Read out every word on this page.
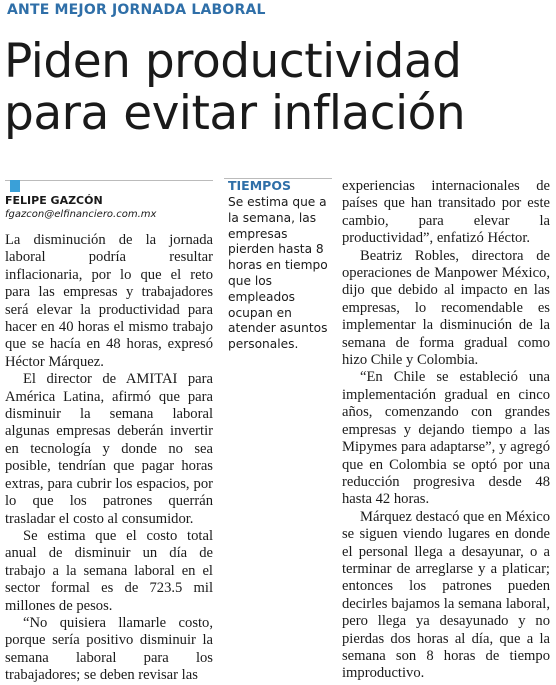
ANTE MEJOR JORNADA LABORAL
Piden productividad para evitar inflación
FELIPE GAZCÓN
fgazcon@elfinanciero.com.mx

La disminución de la jornada laboral podría resultar inflacionaria, por lo que el reto para las empresas y trabajadores será elevar la productividad para hacer en 40 horas el mismo trabajo que se hacía en 48 horas, expresó Héctor Márquez.

El director de AMITAI para América Latina, afirmó que para disminuir la semana laboral algunas empresas deberán invertir en tecnología y donde no sea posible, tendrían que pagar horas extras, para cubrir los espacios, por lo que los patrones querrán trasladar el costo al consumidor.

Se estima que el costo total anual de disminuir un día de trabajo a la semana laboral en el sector formal es de 723.5 mil millones de pesos.

“No quisiera llamarle costo, porque sería positivo disminuir la semana laboral para los trabajadores; se deben revisar las

TIEMPOS
Se estima que a la semana, las empresas pierden hasta 8 horas en tiempo que los empleados ocupan en atender asuntos personales.

experiencias internacionales de países que han transitado por este cambio, para elevar la productividad”, enfatizó Héctor.

Beatriz Robles, directora de operaciones de Manpower México, dijo que debido al impacto en las empresas, lo recomendable es implementar la disminución de la semana de forma gradual como hizo Chile y Colombia.

“En Chile se estableció una implementación gradual en cinco años, comenzando con grandes empresas y dejando tiempo a las Mipymes para adaptarse”, y agregó que en Colombia se optó por una reducción progresiva desde 48 hasta 42 horas.

Márquez destacó que en México se siguen viendo lugares en donde el personal llega a desayunar, o a terminar de arreglarse y a platicar; entonces los patrones pueden decirles bajamos la semana laboral, pero llega ya desayunado y no pierdas dos horas al día, que a la semana son 8 horas de tiempo improductivo.
